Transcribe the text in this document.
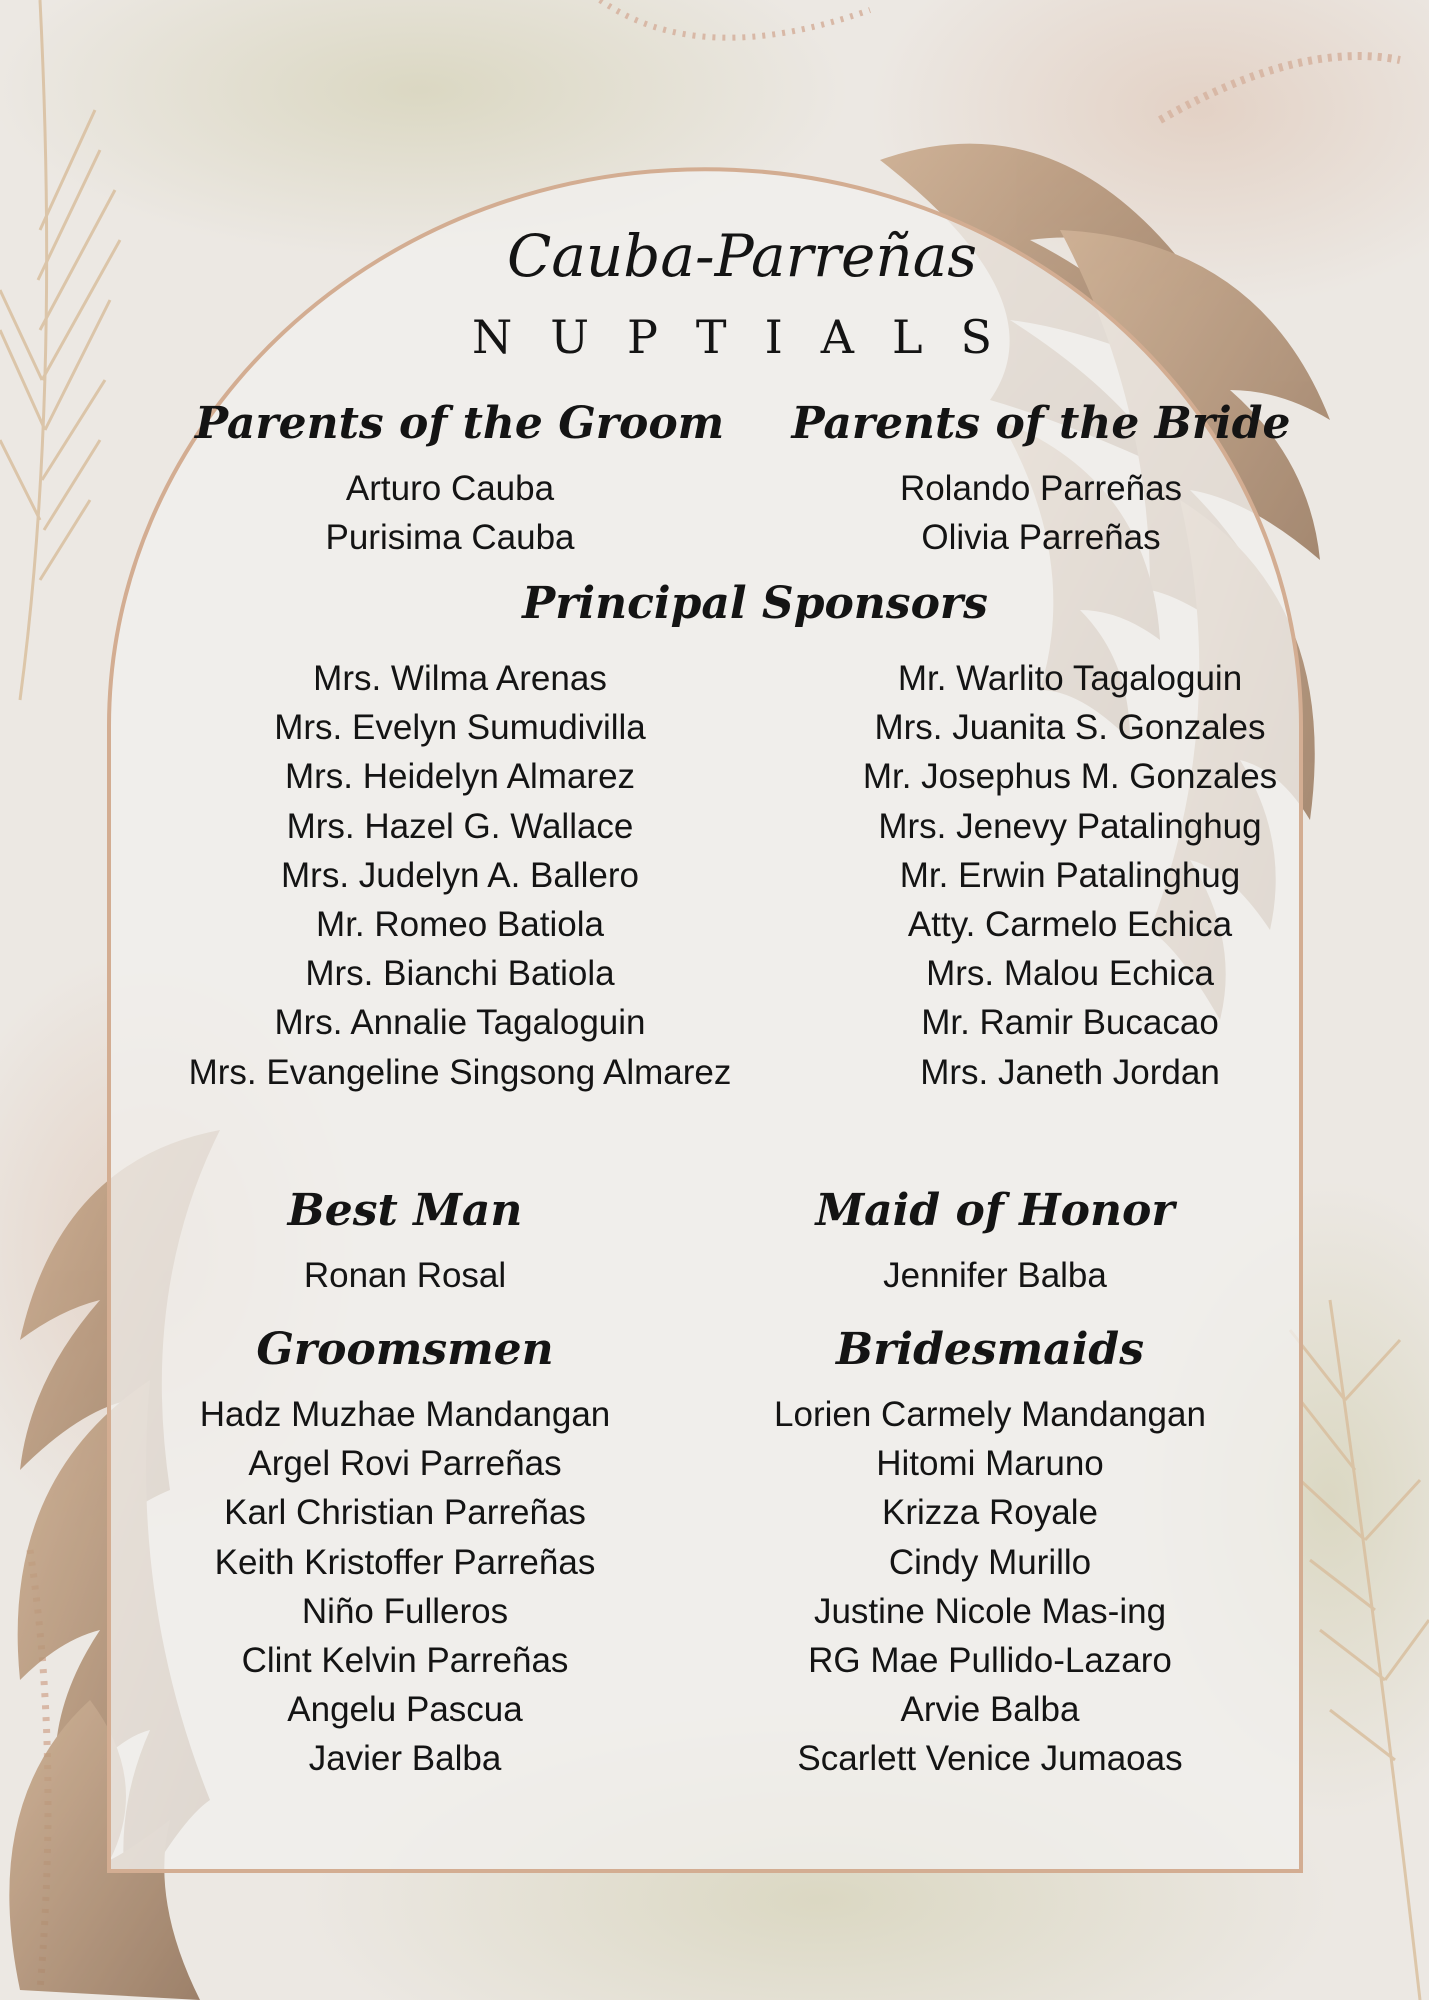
Cauba-Parreñas
NUPTIALS
Parents of the Groom
Arturo Cauba
Purisima Cauba
Parents of the Bride
Rolando Parreñas
Olivia Parreñas
Principal Sponsors
Mrs. Wilma Arenas
Mrs. Evelyn Sumudivilla
Mrs. Heidelyn Almarez
Mrs. Hazel G. Wallace
Mrs. Judelyn A. Ballero
Mr. Romeo Batiola
Mrs. Bianchi Batiola
Mrs. Annalie Tagaloguin
Mrs. Evangeline Singsong Almarez
Mr. Warlito Tagaloguin
Mrs. Juanita S. Gonzales
Mr. Josephus M. Gonzales
Mrs. Jenevy Patalinghug
Mr. Erwin Patalinghug
Atty. Carmelo Echica
Mrs. Malou Echica
Mr. Ramir Bucacao
Mrs. Janeth Jordan
Best Man
Ronan Rosal
Maid of Honor
Jennifer Balba
Groomsmen
Hadz Muzhae Mandangan
Argel Rovi Parreñas
Karl Christian Parreñas
Keith Kristoffer Parreñas
Niño Fulleros
Clint Kelvin Parreñas
Angelu Pascua
Javier Balba
Bridesmaids
Lorien Carmely Mandangan
Hitomi Maruno
Krizza Royale
Cindy Murillo
Justine Nicole Mas-ing
RG Mae Pullido-Lazaro
Arvie Balba
Scarlett Venice Jumaoas
